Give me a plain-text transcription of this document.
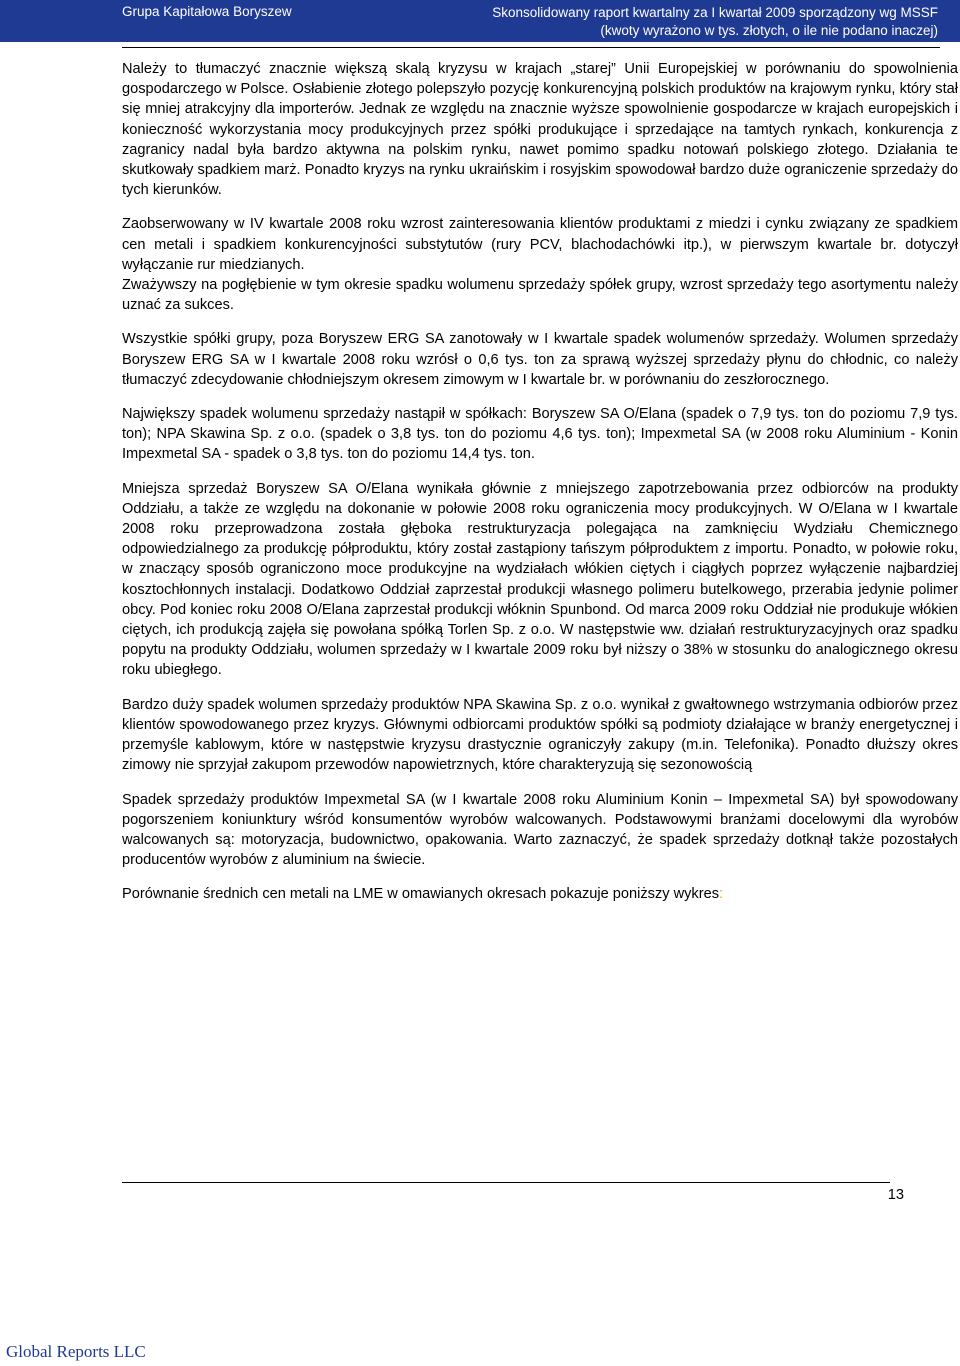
Grupa Kapitałowa Boryszew	Skonsolidowany raport kwartalny za I kwartał 2009 sporządzony wg MSSF
(kwoty wyrażono w tys. złotych, o ile nie podano inaczej)

Należy to tłumaczyć znacznie większą skalą kryzysu w krajach „starej” Unii Europejskiej w porównaniu do spowolnienia gospodarczego w Polsce. Osłabienie złotego polepszyło pozycję konkurencyjną polskich produktów na krajowym rynku, który stał się mniej atrakcyjny dla importerów. Jednak ze względu na znacznie wyższe spowolnienie gospodarcze w krajach europejskich i konieczność wykorzystania mocy produkcyjnych przez spółki produkujące i sprzedające na tamtych rynkach, konkurencja z zagranicy nadal była bardzo aktywna na polskim rynku, nawet pomimo spadku notowań polskiego złotego. Działania te skutkowały spadkiem marż. Ponadto kryzys na rynku ukraińskim i rosyjskim spowodował bardzo duże ograniczenie sprzedaży do tych kierunków.

Zaobserwowany w IV kwartale 2008 roku wzrost zainteresowania klientów produktami z miedzi i cynku związany ze spadkiem cen metali i spadkiem konkurencyjności substytutów (rury PCV, blachodachówki itp.), w pierwszym kwartale br. dotyczył wyłączanie rur miedzianych.

Zważywszy na pogłębienie w tym okresie spadku wolumenu sprzedaży spółek grupy, wzrost sprzedaży tego asortymentu należy uznać za sukces.

Wszystkie spółki grupy, poza Boryszew ERG SA zanotowały w I kwartale spadek wolumenów sprzedaży. Wolumen sprzedaży Boryszew ERG SA w I kwartale 2008 roku wzrósł o 0,6 tys. ton za sprawą wyższej sprzedaży płynu do chłodnic, co należy tłumaczyć zdecydowanie chłodniejszym okresem zimowym w I kwartale br. w porównaniu do zeszłorocznego.

Największy spadek wolumenu sprzedaży nastąpił w spółkach: Boryszew SA O/Elana (spadek o 7,9 tys. ton do poziomu 7,9 tys. ton); NPA Skawina Sp. z o.o. (spadek o 3,8 tys. ton do poziomu 4,6 tys. ton); Impexmetal SA (w 2008 roku Aluminium - Konin Impexmetal SA - spadek o 3,8 tys. ton do poziomu 14,4 tys. ton.

Mniejsza sprzedaż Boryszew SA O/Elana wynikała głównie z mniejszego zapotrzebowania przez odbiorców na produkty Oddziału, a także ze względu na dokonanie w połowie 2008 roku ograniczenia mocy produkcyjnych. W O/Elana w I kwartale 2008 roku przeprowadzona została głęboka restrukturyzacja polegająca na zamknięciu Wydziału Chemicznego odpowiedzialnego za produkcję półproduktu, który został zastąpiony tańszym półproduktem z importu. Ponadto, w połowie roku, w znaczący sposób ograniczono moce produkcyjne na wydziałach włókien ciętych i ciągłych poprzez wyłączenie najbardziej kosztochłonnych instalacji. Dodatkowo Oddział zaprzestał produkcji własnego polimeru butelkowego, przerabia jedynie polimer obcy. Pod koniec roku 2008 O/Elana zaprzestał produkcji włóknin Spunbond. Od marca 2009 roku Oddział nie produkuje włókien ciętych, ich produkcją zajęła się powołana spółką Torlen Sp. z o.o. W następstwie ww. działań restrukturyzacyjnych oraz spadku popytu na produkty Oddziału, wolumen sprzedaży w I kwartale 2009 roku był niższy o 38% w stosunku do analogicznego okresu roku ubiegłego.

Bardzo duży spadek wolumen sprzedaży produktów NPA Skawina Sp. z o.o. wynikał z gwałtownego wstrzymania odbiorów przez klientów spowodowanego przez kryzys. Głównymi odbiorcami produktów spółki są podmioty działające w branży energetycznej i przemyśle kablowym, które w następstwie kryzysu drastycznie ograniczyły zakupy (m.in. Telefonika). Ponadto dłuższy okres zimowy nie sprzyjał zakupom przewodów napowietrznych, które charakteryzują się sezonowością

Spadek sprzedaży produktów Impexmetal SA (w I kwartale 2008 roku Aluminium Konin – Impexmetal SA) był spowodowany pogorszeniem koniunktury wśród konsumentów wyrobów walcowanych. Podstawowymi branżami docelowymi dla wyrobów walcowanych są: motoryzacja, budownictwo, opakowania. Warto zaznaczyć, że spadek sprzedaży dotknął także pozostałych producentów wyrobów z aluminium na świecie.

Porównanie średnich cen metali na LME w omawianych okresach pokazuje poniższy wykres:

13
Global Reports LLC
